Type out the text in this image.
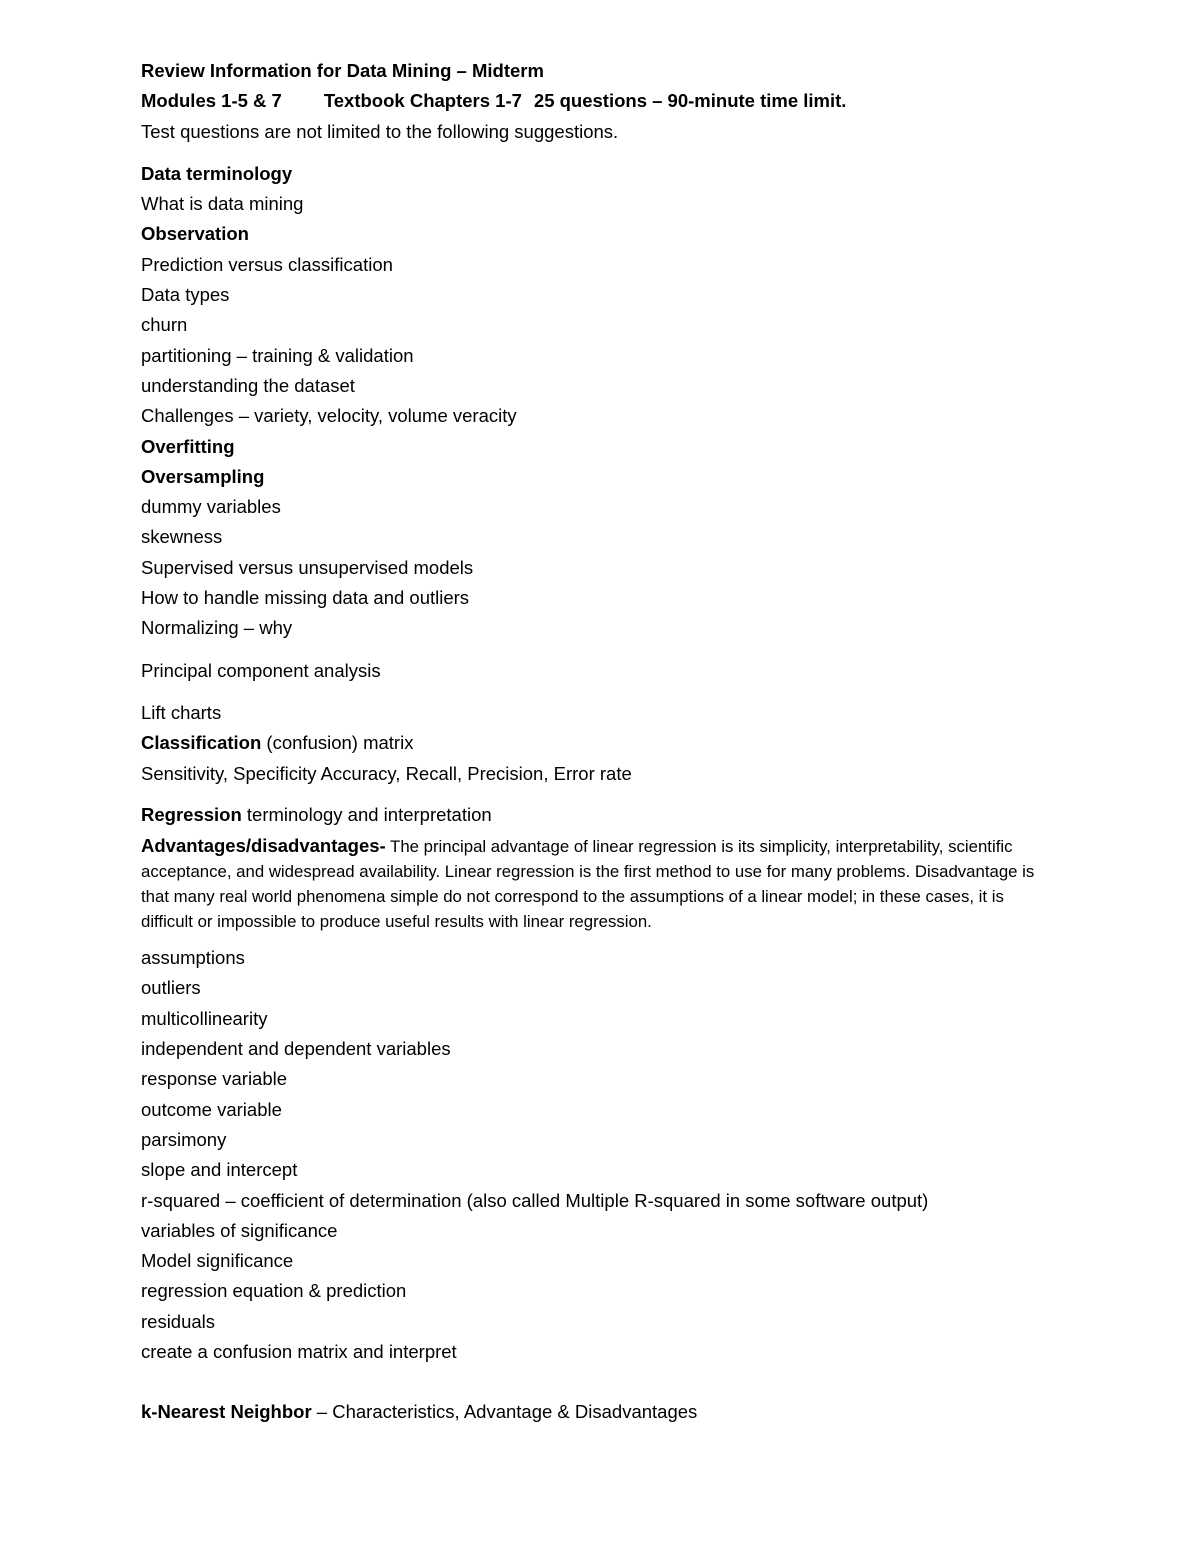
Review Information for Data Mining – Midterm
Modules 1-5 & 7 Textbook Chapters 1-7 25 questions – 90-minute time limit.
Test questions are not limited to the following suggestions.
Data terminology
What is data mining
Observation
Prediction versus classification
Data types
churn
partitioning – training & validation
understanding the dataset
Challenges – variety, velocity, volume veracity
Overfitting
Oversampling
dummy variables
skewness
Supervised versus unsupervised models
How to handle missing data and outliers
Normalizing – why
Principal component analysis
Lift charts
Classification (confusion) matrix
Sensitivity, Specificity Accuracy, Recall, Precision, Error rate
Regression terminology and interpretation
Advantages/disadvantages- The principal advantage of linear regression is its simplicity, interpretability, scientific acceptance, and widespread availability. Linear regression is the first method to use for many problems. Disadvantage is that many real world phenomena simple do not correspond to the assumptions of a linear model; in these cases, it is difficult or impossible to produce useful results with linear regression.
assumptions
outliers
multicollinearity
independent and dependent variables
response variable
outcome variable
parsimony
slope and intercept
r-squared – coefficient of determination (also called Multiple R-squared in some software output)
variables of significance
Model significance
regression equation & prediction
residuals
create a confusion matrix and interpret
k-Nearest Neighbor – Characteristics, Advantage & Disadvantages
